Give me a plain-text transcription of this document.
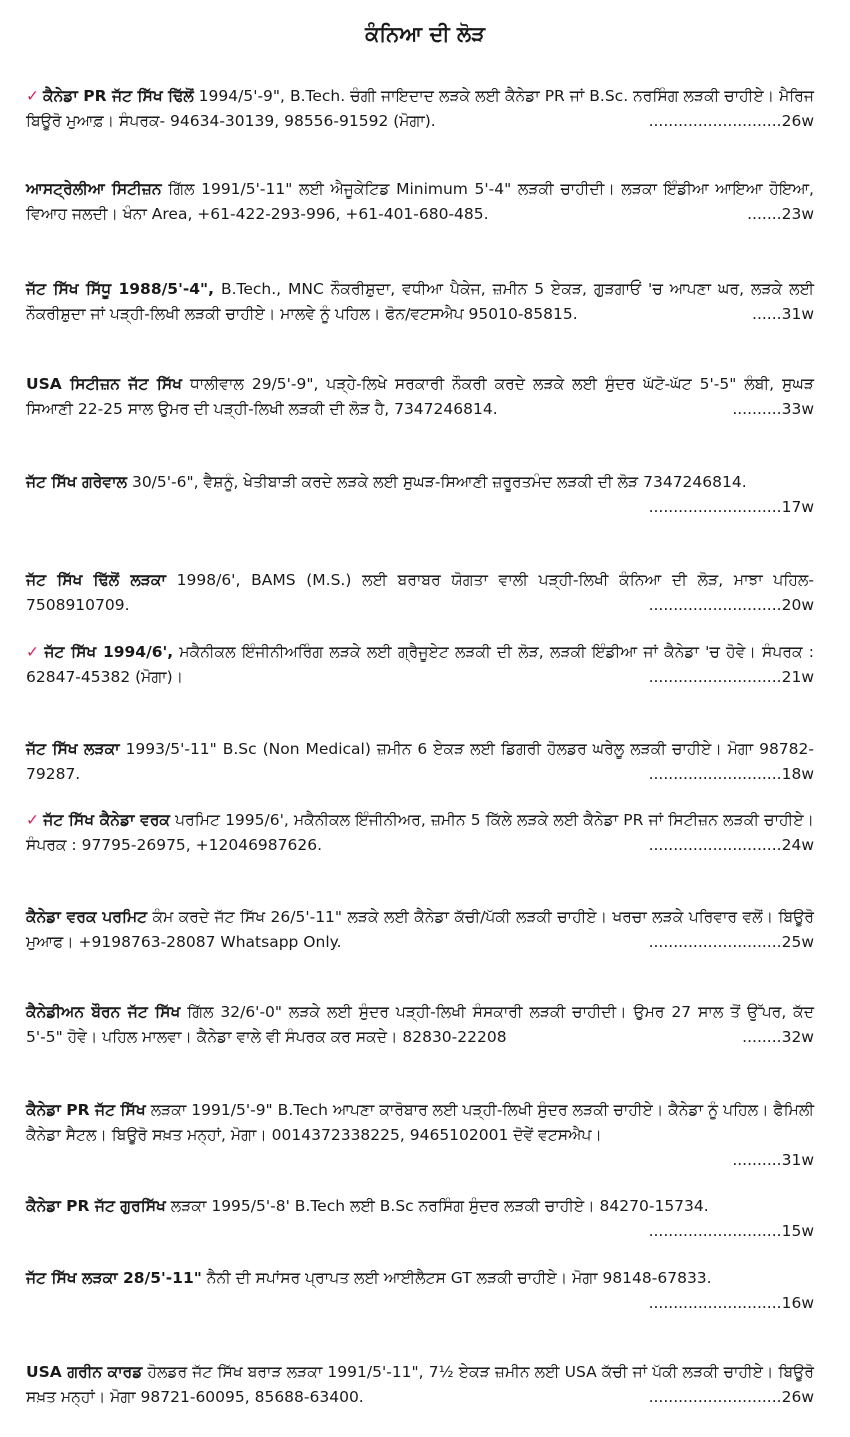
ਕੰਨਿਆ ਦੀ ਲੋੜ

✓ ਕੈਨੇਡਾ PR ਜੱਟ ਸਿੱਖ ਢਿੱਲੋਂ 1994/5'-9", B.Tech. ਚੰਗੀ ਜਾਇਦਾਦ ਲੜਕੇ ਲਈ ਕੈਨੇਡਾ PR ਜਾਂ B.Sc. ਨਰਸਿੰਗ ਲੜਕੀ ਚਾਹੀਏ। ਮੈਰਿਜ ਬਿਊਰੋ ਮੁਆਫ਼। ਸੰਪਰਕ- 94634-30139, 98556-91592 (ਮੋਗਾ).	...........................26w

ਆਸਟ੍ਰੇਲੀਆ ਸਿਟੀਜ਼ਨ ਗਿੱਲ 1991/5'-11" ਲਈ ਐਜੂਕੇਟਿਡ Minimum 5'-4" ਲੜਕੀ ਚਾਹੀਦੀ। ਲੜਕਾ ਇੰਡੀਆ ਆਇਆ ਹੋਇਆ, ਵਿਆਹ ਜਲਦੀ। ਖੰਨਾ Area, +61-422-293-996, +61-401-680-485.	.......23w

ਜੱਟ ਸਿੱਖ ਸਿੱਧੂ 1988/5'-4", B.Tech., MNC ਨੌਕਰੀਸ਼ੁਦਾ, ਵਧੀਆ ਪੈਕੇਜ, ਜ਼ਮੀਨ 5 ਏਕੜ, ਗੁੜਗਾਓਂ 'ਚ ਆਪਣਾ ਘਰ, ਲੜਕੇ ਲਈ ਨੌਕਰੀਸ਼ੁਦਾ ਜਾਂ ਪੜ੍ਹੀ-ਲਿਖੀ ਲੜਕੀ ਚਾਹੀਏ। ਮਾਲਵੇ ਨੂੰ ਪਹਿਲ। ਫੋਨ/ਵਟਸਐਪ 95010-85815.	......31w

USA ਸਿਟੀਜ਼ਨ ਜੱਟ ਸਿੱਖ ਧਾਲੀਵਾਲ 29/5'-9", ਪੜ੍ਹੇ-ਲਿਖੇ ਸਰਕਾਰੀ ਨੌਕਰੀ ਕਰਦੇ ਲੜਕੇ ਲਈ ਸੁੰਦਰ ਘੱਟੋ-ਘੱਟ 5'-5" ਲੰਬੀ, ਸੁਘੜ ਸਿਆਣੀ 22-25 ਸਾਲ ਉਮਰ ਦੀ ਪੜ੍ਹੀ-ਲਿਖੀ ਲੜਕੀ ਦੀ ਲੋੜ ਹੈ, 7347246814.	..........33w

ਜੱਟ ਸਿੱਖ ਗਰੇਵਾਲ 30/5'-6", ਵੈਸ਼ਨੂੰ, ਖੇਤੀਬਾੜੀ ਕਰਦੇ ਲੜਕੇ ਲਈ ਸੁਘੜ-ਸਿਆਣੀ ਜ਼ਰੂਰਤਮੰਦ ਲੜਕੀ ਦੀ ਲੋੜ 7347246814.
...........................17w

ਜੱਟ ਸਿੱਖ ਢਿੱਲੋਂ ਲੜਕਾ 1998/6', BAMS (M.S.) ਲਈ ਬਰਾਬਰ ਯੋਗਤਾ ਵਾਲੀ ਪੜ੍ਹੀ-ਲਿਖੀ ਕੰਨਿਆ ਦੀ ਲੋੜ, ਮਾਝਾ ਪਹਿਲ- 7508910709.	...........................20w

✓ ਜੱਟ ਸਿੱਖ 1994/6', ਮਕੈਨੀਕਲ ਇੰਜੀਨੀਅਰਿੰਗ ਲੜਕੇ ਲਈ ਗ੍ਰੈਜੂਏਟ ਲੜਕੀ ਦੀ ਲੋੜ, ਲੜਕੀ ਇੰਡੀਆ ਜਾਂ ਕੈਨੇਡਾ 'ਚ ਹੋਵੇ। ਸੰਪਰਕ : 62847-45382 (ਮੋਗਾ)।	...........................21w

ਜੱਟ ਸਿੱਖ ਲੜਕਾ 1993/5'-11" B.Sc (Non Medical) ਜ਼ਮੀਨ 6 ਏਕੜ ਲਈ ਡਿਗਰੀ ਹੋਲਡਰ ਘਰੇਲੂ ਲੜਕੀ ਚਾਹੀਏ। ਮੋਗਾ 98782-79287.	...........................18w

✓ ਜੱਟ ਸਿੱਖ ਕੈਨੇਡਾ ਵਰਕ ਪਰਮਿਟ 1995/6', ਮਕੈਨੀਕਲ ਇੰਜੀਨੀਅਰ, ਜ਼ਮੀਨ 5 ਕਿੱਲੇ ਲੜਕੇ ਲਈ ਕੈਨੇਡਾ PR ਜਾਂ ਸਿਟੀਜ਼ਨ ਲੜਕੀ ਚਾਹੀਏ। ਸੰਪਰਕ : 97795-26975, +12046987626.	...........................24w

ਕੈਨੇਡਾ ਵਰਕ ਪਰਮਿਟ ਕੰਮ ਕਰਦੇ ਜੱਟ ਸਿੱਖ 26/5'-11" ਲੜਕੇ ਲਈ ਕੈਨੇਡਾ ਕੱਚੀ/ਪੱਕੀ ਲੜਕੀ ਚਾਹੀਏ। ਖਰਚਾ ਲੜਕੇ ਪਰਿਵਾਰ ਵਲੋਂ। ਬਿਊਰੋ ਮੁਆਫ। +9198763-28087 Whatsapp Only.	...........................25w

ਕੈਨੇਡੀਅਨ ਬੌਰਨ ਜੱਟ ਸਿੱਖ ਗਿੱਲ 32/6'-0" ਲੜਕੇ ਲਈ ਸੁੰਦਰ ਪੜ੍ਹੀ-ਲਿਖੀ ਸੰਸਕਾਰੀ ਲੜਕੀ ਚਾਹੀਦੀ। ਉਮਰ 27 ਸਾਲ ਤੋਂ ਉੱਪਰ, ਕੱਦ 5'-5" ਹੋਵੇ। ਪਹਿਲ ਮਾਲਵਾ। ਕੈਨੇਡਾ ਵਾਲੇ ਵੀ ਸੰਪਰਕ ਕਰ ਸਕਦੇ। 82830-22208	........32w

ਕੈਨੇਡਾ PR ਜੱਟ ਸਿੱਖ ਲੜਕਾ 1991/5'-9" B.Tech ਆਪਣਾ ਕਾਰੋਬਾਰ ਲਈ ਪੜ੍ਹੀ-ਲਿਖੀ ਸੁੰਦਰ ਲੜਕੀ ਚਾਹੀਏ। ਕੈਨੇਡਾ ਨੂੰ ਪਹਿਲ। ਫੈਮਿਲੀ ਕੈਨੇਡਾ ਸੈਟਲ। ਬਿਊਰੋ ਸਖ਼ਤ ਮਨ੍ਹਾਂ, ਮੋਗਾ। 0014372338225, 9465102001 ਦੋਵੇਂ ਵਟਸਐਪ।

..........31w

ਕੈਨੇਡਾ PR ਜੱਟ ਗੁਰਸਿੱਖ ਲੜਕਾ 1995/5'-8' B.Tech ਲਈ B.Sc ਨਰਸਿੰਗ ਸੁੰਦਰ ਲੜਕੀ ਚਾਹੀਏ। 84270-15734.

...........................15w

ਜੱਟ ਸਿੱਖ ਲੜਕਾ 28/5'-11" ਨੈਨੀ ਦੀ ਸਪਾਂਸਰ ਪ੍ਰਾਪਤ ਲਈ ਆਈਲੈਟਸ GT ਲੜਕੀ ਚਾਹੀਏ। ਮੋਗਾ 98148-67833.

...........................16w

USA ਗਰੀਨ ਕਾਰਡ ਹੋਲਡਰ ਜੱਟ ਸਿੱਖ ਬਰਾੜ ਲੜਕਾ 1991/5'-11", 7½ ਏਕੜ ਜ਼ਮੀਨ ਲਈ USA ਕੱਚੀ ਜਾਂ ਪੱਕੀ ਲੜਕੀ ਚਾਹੀਏ। ਬਿਊਰੋ ਸਖ਼ਤ ਮਨ੍ਹਾਂ। ਮੋਗਾ 98721-60095, 85688-63400.	...........................26w
